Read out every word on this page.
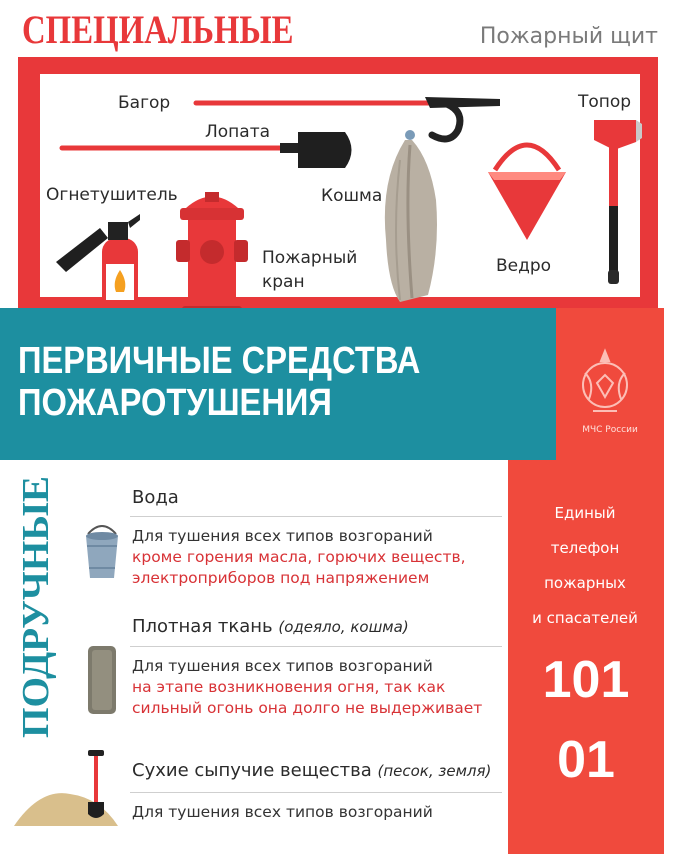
СПЕЦИАЛЬНЫЕ	Пожарный щит
Багор
Лопата
Топор
Огнетушитель	Кошма
Пожарный
кран
Ведро
ПЕРВИЧНЫЕ СРЕДСТВА
ПОЖАРОТУШЕНИЯ
МЧС России
Единый
телефон
пожарных
и спасателей
101
01
ПОДРУЧНЫЕ	Вода
Для тушения всех типов возгораний
кроме горения масла, горючих веществ,
электроприборов под напряжением
Плотная ткань (одеяло, кошма)
Для тушения всех типов возгораний
на этапе возникновения огня, так как
сильный огонь она долго не выдерживает
Сухие сыпучие вещества (песок, земля)
Для тушения всех типов возгораний
